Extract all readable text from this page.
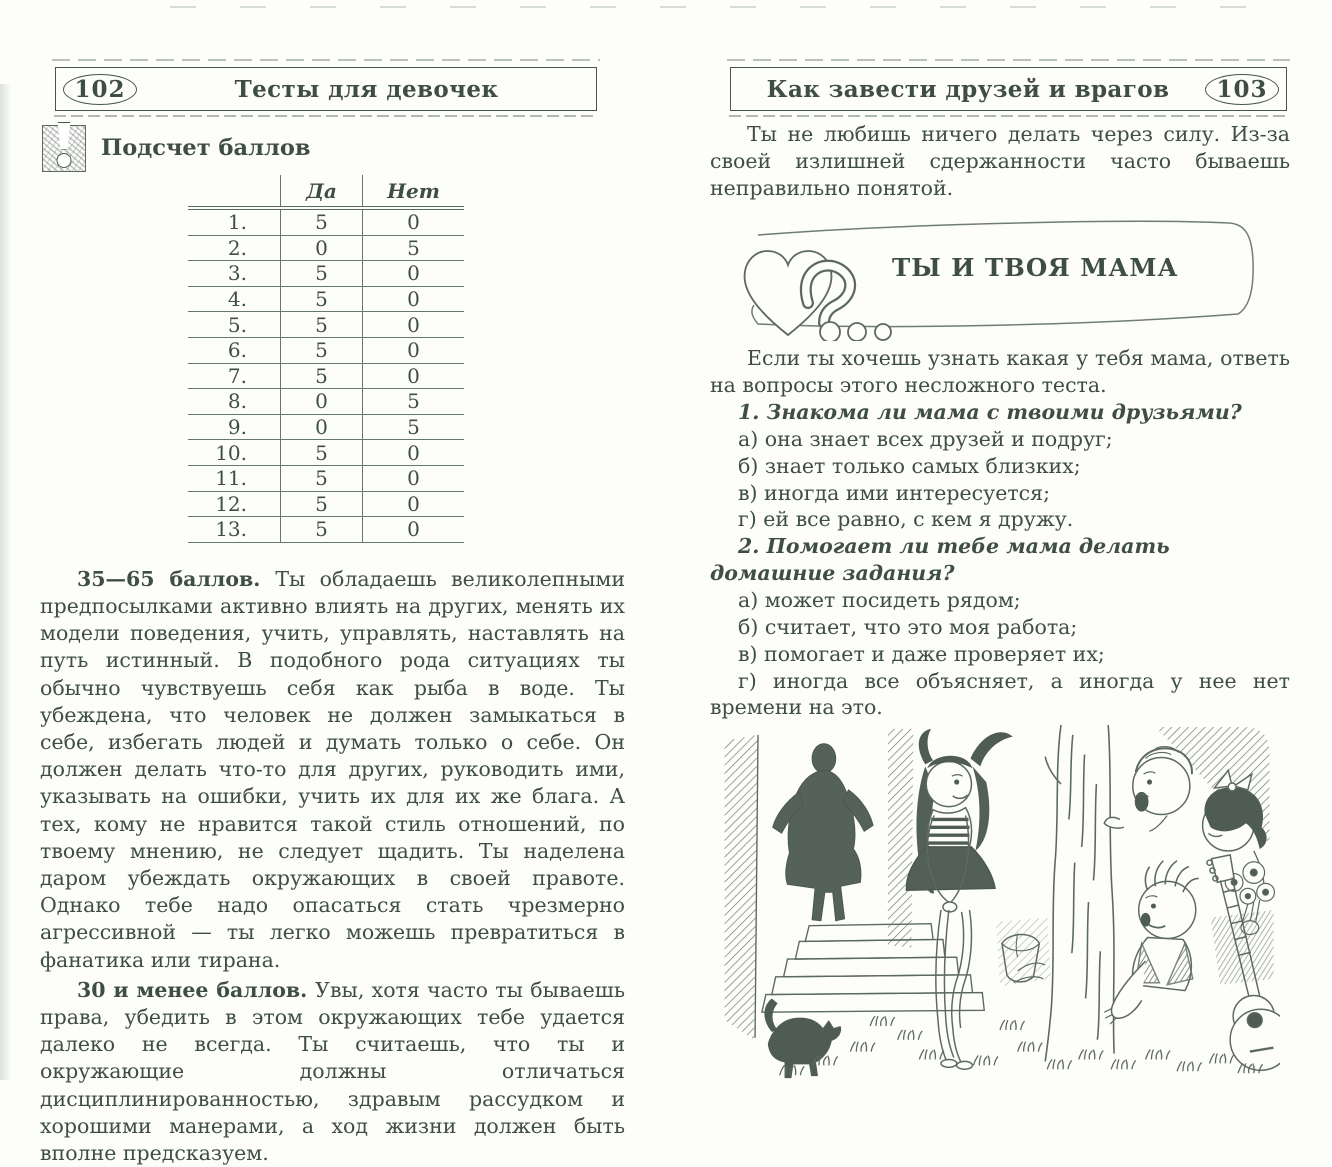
102	Тесты для девочек
Подсчет баллов
Да	Нет
1.	5	0
2.	0	5
3.	5	0
4.	5	0
5.	5	0
6.	5	0
7.	5	0
8.	0	5
9.	0	5
10.	5	0
11.	5	0
12.	5	0
13.	5	0
35—65 баллов. Ты обладаешь великолепными предпосылками активно влиять на других, менять их модели поведения, учить, управлять, наставлять на путь истинный. В подобного рода ситуациях ты обычно чувствуешь себя как рыба в воде. Ты убеждена, что человек не должен замыкаться в себе, избегать людей и думать только о себе. Он должен делать что-то для других, руководить ими, указывать на ошибки, учить их для их же блага. А тех, кому не нравится такой стиль отношений, по твоему мнению, не следует щадить. Ты наделена даром убеждать окружающих в своей правоте. Однако тебе надо опасаться стать чрезмерно агрессивной — ты легко можешь превратиться в фанатика или тирана.
30 и менее баллов. Увы, хотя часто ты бываешь права, убедить в этом окружающих тебе удается далеко не всегда. Ты считаешь, что ты и окружающие должны отличаться дисциплинированностью, здравым рассудком и хорошими манерами, а ход жизни должен быть вполне предсказуем.
Как завести друзей и врагов	103
Ты не любишь ничего делать через силу. Из-за своей излишней сдержанности часто бываешь неправильно понятой.
ТЫ И ТВОЯ МАМА
Если ты хочешь узнать какая у тебя мама, ответь на вопросы этого несложного теста.
1. Знакома ли мама с твоими друзьями?
а) она знает всех друзей и подруг;
б) знает только самых близких;
в) иногда ими интересуется;
г) ей все равно, с кем я дружу.
2. Помогает ли тебе мама делать домашние задания?
а) может посидеть рядом;
б) считает, что это моя работа;
в) помогает и даже проверяет их;
г) иногда все объясняет, а иногда у нее нет времени на это.
